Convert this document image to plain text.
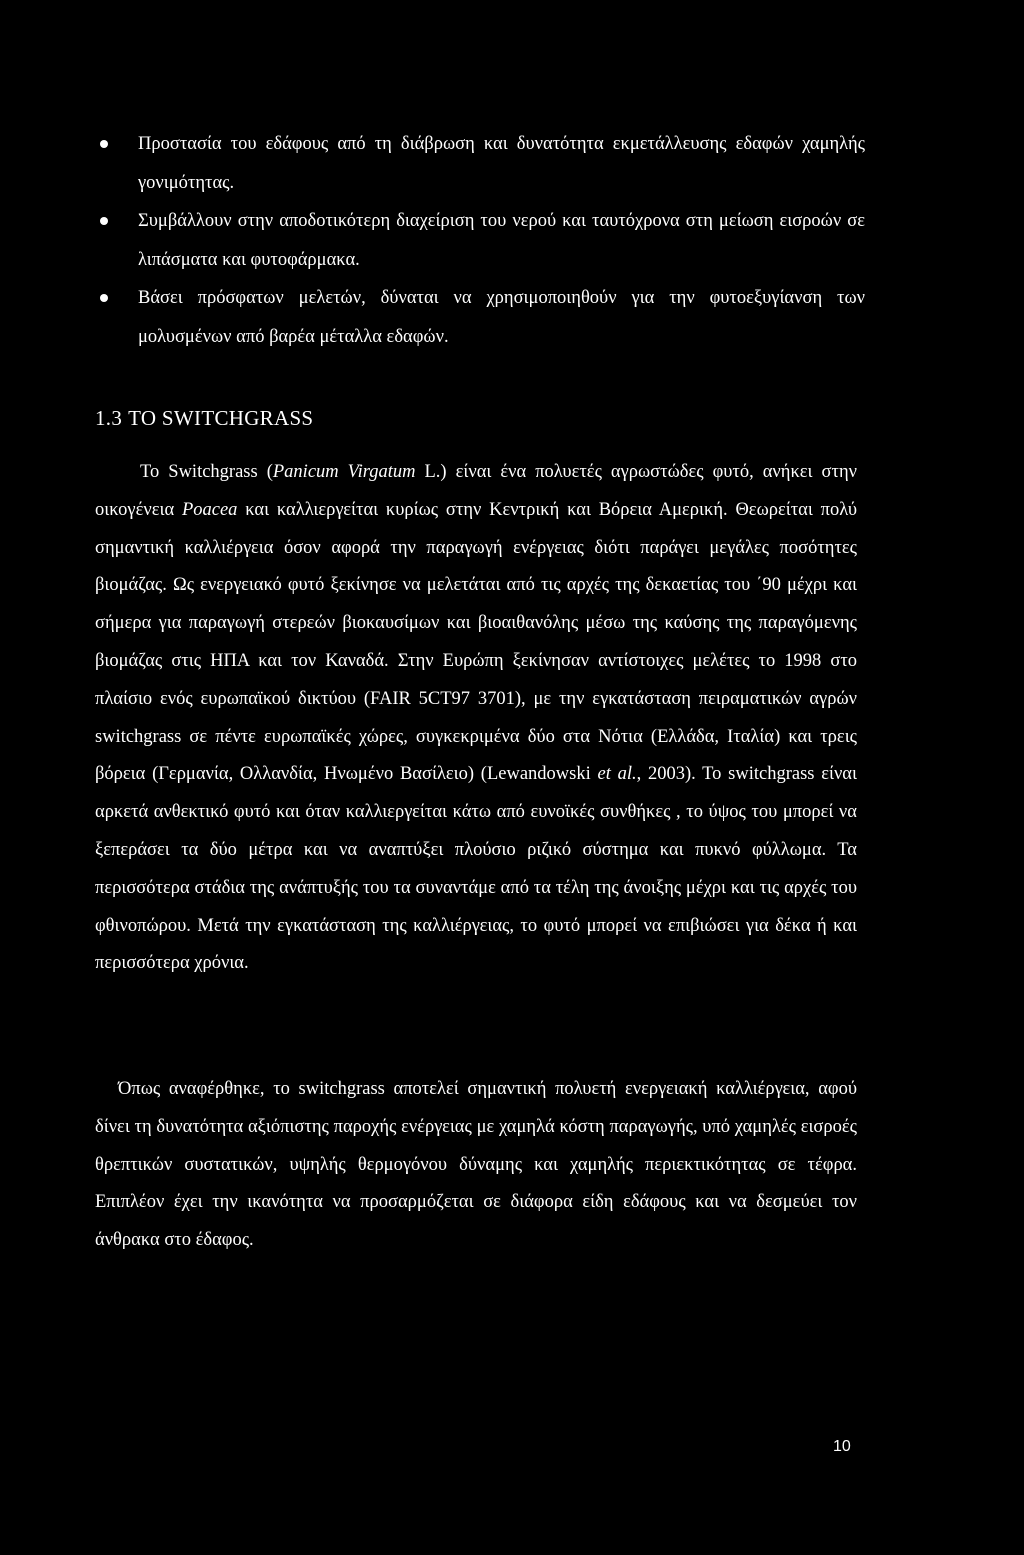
Προστασία του εδάφους από τη διάβρωση και δυνατότητα εκμετάλλευσης εδαφών χαμηλής γονιμότητας.
Συμβάλλουν στην αποδοτικότερη διαχείριση του νερού και ταυτόχρονα στη μείωση εισροών σε λιπάσματα και φυτοφάρμακα.
Βάσει πρόσφατων μελετών, δύναται να χρησιμοποιηθούν για την φυτοεξυγίανση των μολυσμένων από βαρέα μέταλλα εδαφών.
1.3 TO SWITCHGRASS

Το Switchgrass (Panicum Virgatum L.) είναι ένα πολυετές αγρωστώδες φυτό, ανήκει στην οικογένεια Poacea και καλλιεργείται κυρίως στην Κεντρική και Βόρεια Αμερική. Θεωρείται πολύ σημαντική καλλιέργεια όσον αφορά την παραγωγή ενέργειας διότι παράγει μεγάλες ποσότητες βιομάζας. Ως ενεργειακό φυτό ξεκίνησε να μελετάται από τις αρχές της δεκαετίας του ΄90 μέχρι και σήμερα για παραγωγή στερεών βιοκαυσίμων και βιοαιθανόλης μέσω της καύσης της παραγόμενης βιομάζας στις ΗΠΑ και τον Καναδά. Στην Ευρώπη ξεκίνησαν αντίστοιχες μελέτες το 1998 στο πλαίσιο ενός ευρωπαϊκού δικτύου (FAIR 5CT97 3701), με την εγκατάσταση πειραματικών αγρών switchgrass σε πέντε ευρωπαϊκές χώρες, συγκεκριμένα δύο στα Νότια (Ελλάδα, Ιταλία) και τρεις βόρεια (Γερμανία, Ολλανδία, Ηνωμένο Βασίλειο) (Lewandowski et al., 2003). Το switchgrass είναι αρκετά ανθεκτικό φυτό και όταν καλλιεργείται κάτω από ευνοϊκές συνθήκες , το ύψος του μπορεί να ξεπεράσει τα δύο μέτρα και να αναπτύξει πλούσιο ριζικό σύστημα και πυκνό φύλλωμα. Τα περισσότερα στάδια της ανάπτυξής του τα συναντάμε από τα τέλη της άνοιξης μέχρι και τις αρχές του φθινοπώρου. Μετά την εγκατάσταση της καλλιέργειας, το φυτό μπορεί να επιβιώσει για δέκα ή και περισσότερα χρόνια.

Όπως αναφέρθηκε, το switchgrass αποτελεί σημαντική πολυετή ενεργειακή καλλιέργεια, αφού δίνει τη δυνατότητα αξιόπιστης παροχής ενέργειας με χαμηλά κόστη παραγωγής, υπό χαμηλές εισροές θρεπτικών συστατικών, υψηλής θερμογόνου δύναμης και χαμηλής περιεκτικότητας σε τέφρα. Επιπλέον έχει την ικανότητα να προσαρμόζεται σε διάφορα είδη εδάφους και να δεσμεύει τον άνθρακα στο έδαφος.

10
